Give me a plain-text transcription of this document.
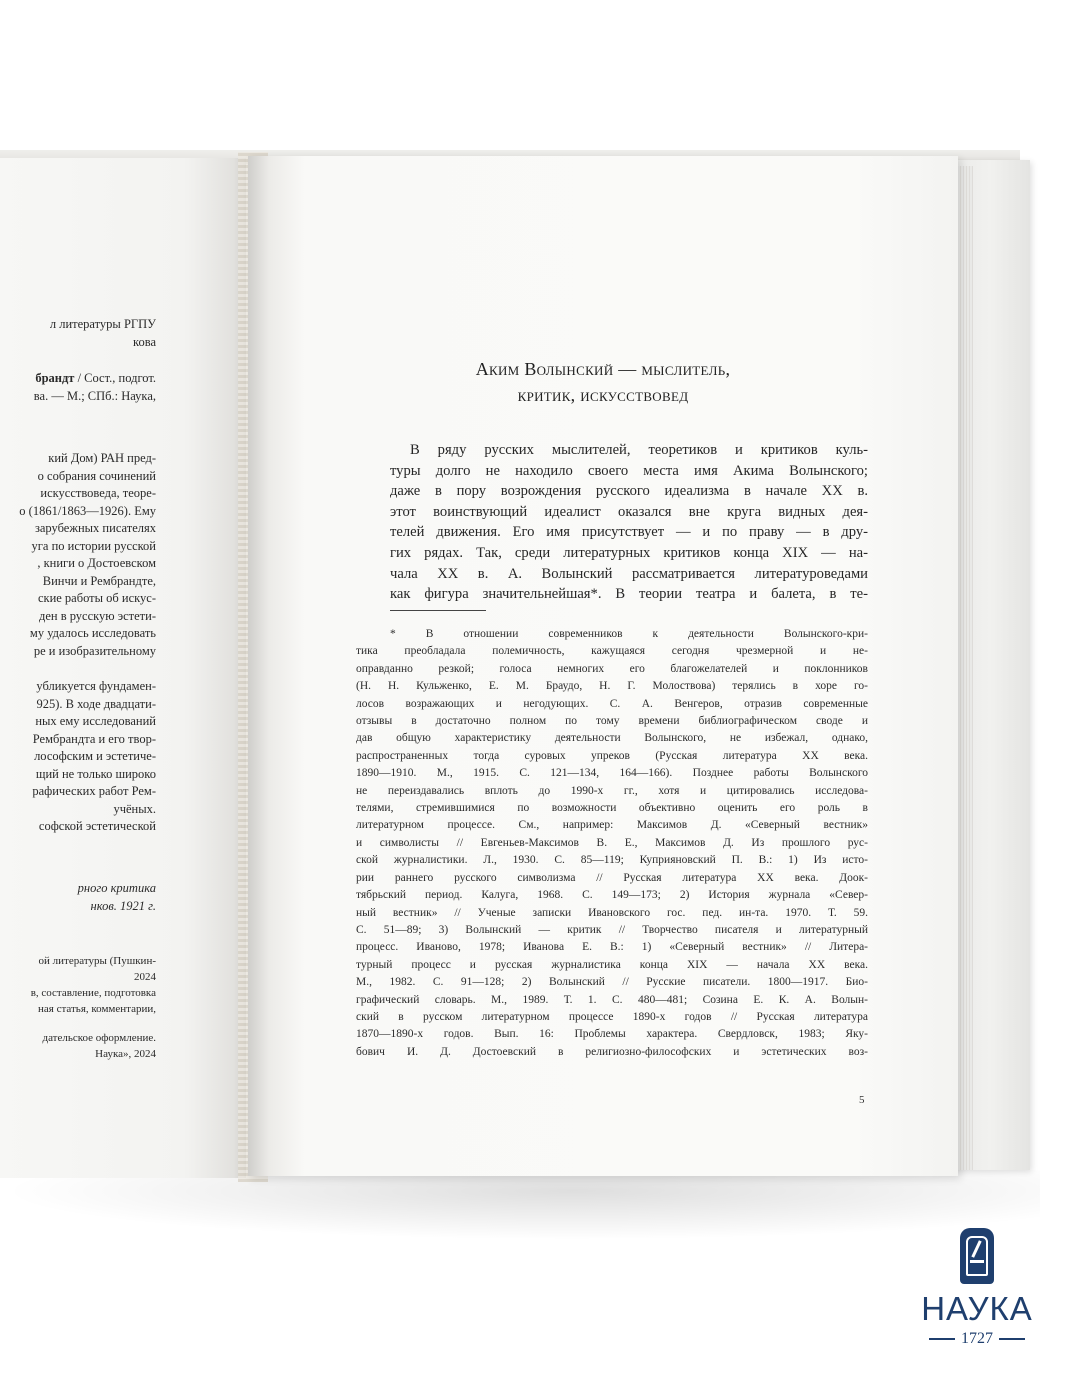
л литературы РГПУ
кова
брандт / Сост., подгот.
ва. — М.; СПб.: Наука,
кий Дом) РАН пред-
о собрания сочинений
искусствоведа, теоре-
о (1861/1863—1926). Ему
зарубежных писателях
уга по истории русской
, книги о Достоевском
Винчи и Рембрандте,
ские работы об искус-
ден в русскую эстети-
му удалось исследовать
ре и изобразительному
убликуется фундамен-
925). В ходе двадцати-
ных ему исследований
Рембрандта и его твор-
лософским и эстетиче-
щий не только широко
рафических работ Рем-
учёных.
софской эстетической
рного критика
нков. 1921 г.
ой литературы (Пушкин-
2024
в, составление, подготовка
ная статья, комментарии,
дательское оформление.
Наука», 2024
Аким Волынский — мыслитель,
критик, искусствовед
В ряду русских мыслителей, теоретиков и критиков куль-
туры долго не находило своего места имя Акима Волынского;
даже в пору возрождения русского идеализма в начале XX в.
этот воинствующий идеалист оказался вне круга видных дея-
телей движения. Его имя присутствует — и по праву — в дру-
гих рядах. Так, среди литературных критиков конца XIX — на-
чала XX в. А. Волынский рассматривается литературоведами
как фигура значительнейшая*. В теории театра и балета, в те-
* В отношении современников к деятельности Волынского-кри-
тика преобладала полемичность, кажущаяся сегодня чрезмерной и не-
оправданно резкой; голоса немногих его благожелателей и поклонников
(Н. Н. Кульженко, Е. М. Браудо, Н. Г. Молоствова) терялись в хоре го-
лосов возражающих и негодующих. С. А. Венгеров, отразив современные
отзывы в достаточно полном по тому времени библиографическом своде и
дав общую характеристику деятельности Волынского, не избежал, однако,
распространенных тогда суровых упреков (Русская литература XX века.
1890—1910. М., 1915. С. 121—134, 164—166). Позднее работы Волынского
не переиздавались вплоть до 1990-х гг., хотя и цитировались исследова-
телями, стремившимися по возможности объективно оценить его роль в
литературном процессе. См., например: Максимов Д. «Северный вестник»
и символисты // Евгеньев-Максимов В. Е., Максимов Д. Из прошлого рус-
ской журналистики. Л., 1930. С. 85—119; Куприяновский П. В.: 1) Из исто-
рии раннего русского символизма // Русская литература XX века. Доок-
тябрьский период. Калуга, 1968. С. 149—173; 2) История журнала «Север-
ный вестник» // Ученые записки Ивановского гос. пед. ин-та. 1970. Т. 59.
С. 51—89; 3) Волынский — критик // Творчество писателя и литературный
процесс. Иваново, 1978; Иванова Е. В.: 1) «Северный вестник» // Литера-
турный процесс и русская журналистика конца XIX — начала XX века.
М., 1982. С. 91—128; 2) Волынский // Русские писатели. 1800—1917. Био-
графический словарь. М., 1989. Т. 1. С. 480—481; Созина Е. К. А. Волын-
ский в русском литературном процессе 1890-х годов // Русская литература
1870—1890-х годов. Вып. 16: Проблемы характера. Свердловск, 1983; Яку-
бович И. Д. Достоевский в религиозно-философских и эстетических воз-
5
НАУКА
1727
